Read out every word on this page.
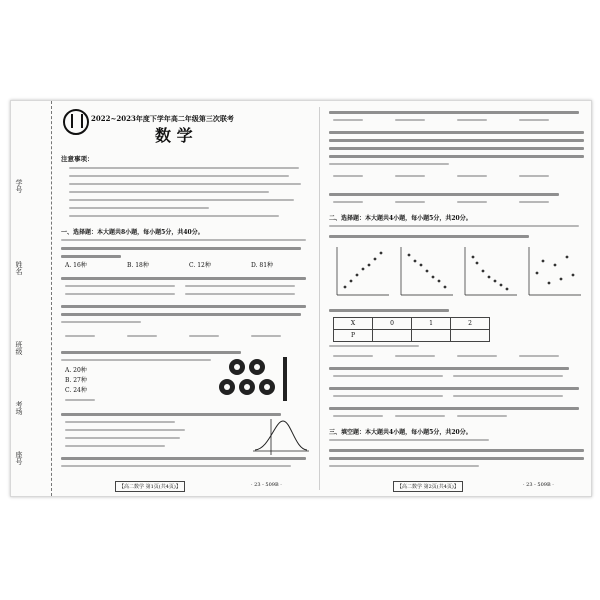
学号
姓名
班级
考场
座号
2022~2023年度下学年高二年级第三次联考
数 学
注意事项：
一、选择题：本大题共8小题，每小题5分，共40分。
A. 16种	B. 18种	C. 12种	D. 81种
A. 20种
B. 27种
C. 24种
【高二数学 第1页(共4页)】	· 23 - 509B ·
二、选择题：本大题共4小题，每小题5分，共20分。
X	0	1	2
P			
三、填空题：本大题共4小题，每小题5分，共20分。
【高二数学 第2页(共4页)】	· 23 - 509B ·
